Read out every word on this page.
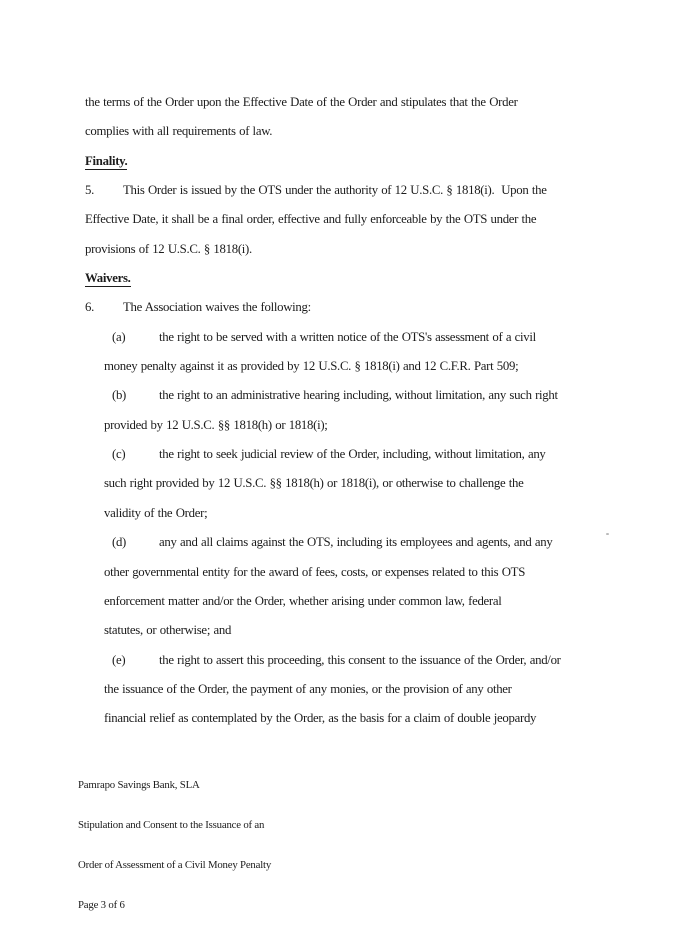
the terms of the Order upon the Effective Date of the Order and stipulates that the Order
complies with all requirements of law.
Finality.
5. This Order is issued by the OTS under the authority of 12 U.S.C. § 1818(i).  Upon the
Effective Date, it shall be a final order, effective and fully enforceable by the OTS under the
provisions of 12 U.S.C. § 1818(i).
Waivers.
6. The Association waives the following:
(a)	the right to be served with a written notice of the OTS's assessment of a civil
money penalty against it as provided by 12 U.S.C. § 1818(i) and 12 C.F.R. Part 509;
(b)	the right to an administrative hearing including, without limitation, any such right
provided by 12 U.S.C. §§ 1818(h) or 1818(i);
(c)	the right to seek judicial review of the Order, including, without limitation, any
such right provided by 12 U.S.C. §§ 1818(h) or 1818(i), or otherwise to challenge the
validity of the Order;
(d)	any and all claims against the OTS, including its employees and agents, and any
other governmental entity for the award of fees, costs, or expenses related to this OTS
enforcement matter and/or the Order, whether arising under common law, federal
statutes, or otherwise; and
(e)	the right to assert this proceeding, this consent to the issuance of the Order, and/or
the issuance of the Order, the payment of any monies, or the provision of any other
financial relief as contemplated by the Order, as the basis for a claim of double jeopardy

Pamrapo Savings Bank, SLA

Stipulation and Consent to the Issuance of an

Order of Assessment of a Civil Money Penalty

Page 3 of 6
